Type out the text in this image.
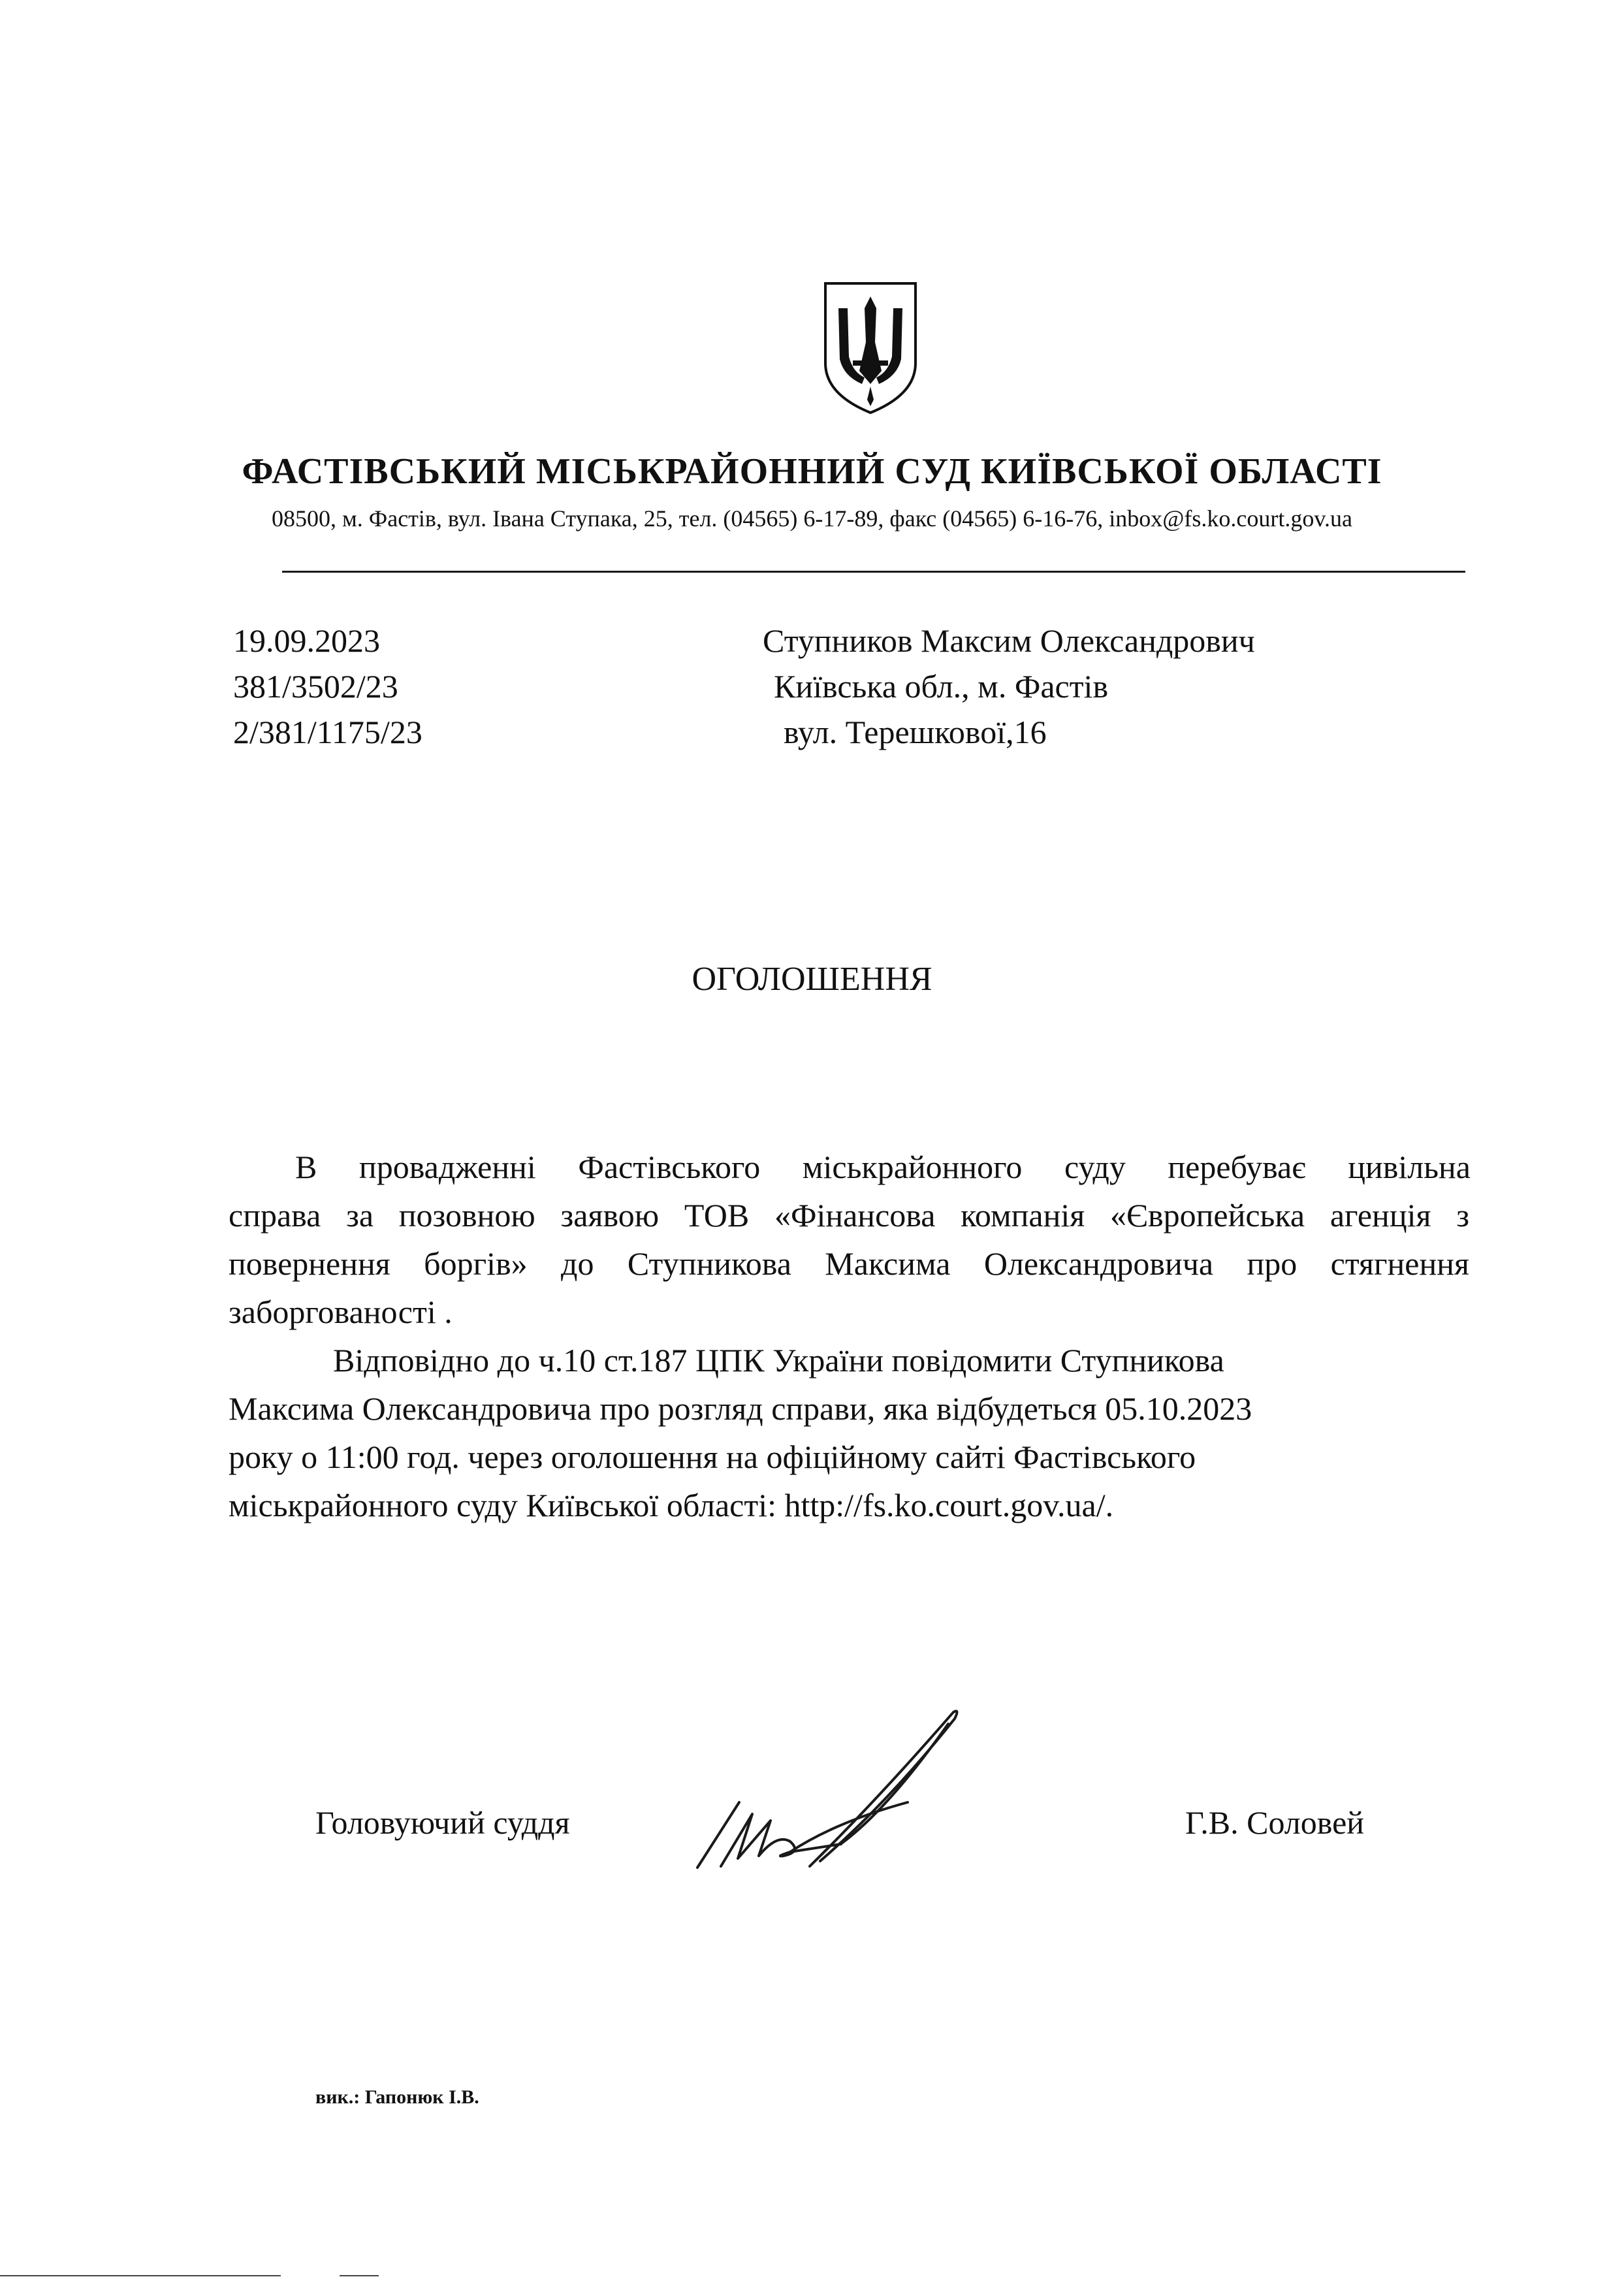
ФАСТІВСЬКИЙ МІСЬКРАЙОННИЙ СУД КИЇВСЬКОЇ ОБЛАСТІ
08500, м. Фастів, вул. Івана Ступака, 25, тел. (04565) 6-17-89, факс (04565) 6-16-76, inbox@fs.ko.court.gov.ua
19.09.2023
381/3502/23
2/381/1175/23
Ступников Максим Олександрович
Київська обл., м. Фастів
вул. Терешкової,16
ОГОЛОШЕННЯ
В провадженні Фастівського міськрайонного суду перебуває цивільна
справа за позовною заявою ТОВ «Фінансова компанія «Європейська агенція з
повернення боргів» до Ступникова Максима Олександровича про стягнення
заборгованості .
Відповідно до ч.10 ст.187 ЦПК України повідомити Ступникова
Максима Олександровича про розгляд справи, яка відбудеться 05.10.2023
року о 11:00 год. через оголошення на офіційному сайті Фастівського
міськрайонного суду Київської області: http://fs.ko.court.gov.ua/.
Головуючий суддя	Г.В. Соловей
вик.: Гапонюк І.В.
